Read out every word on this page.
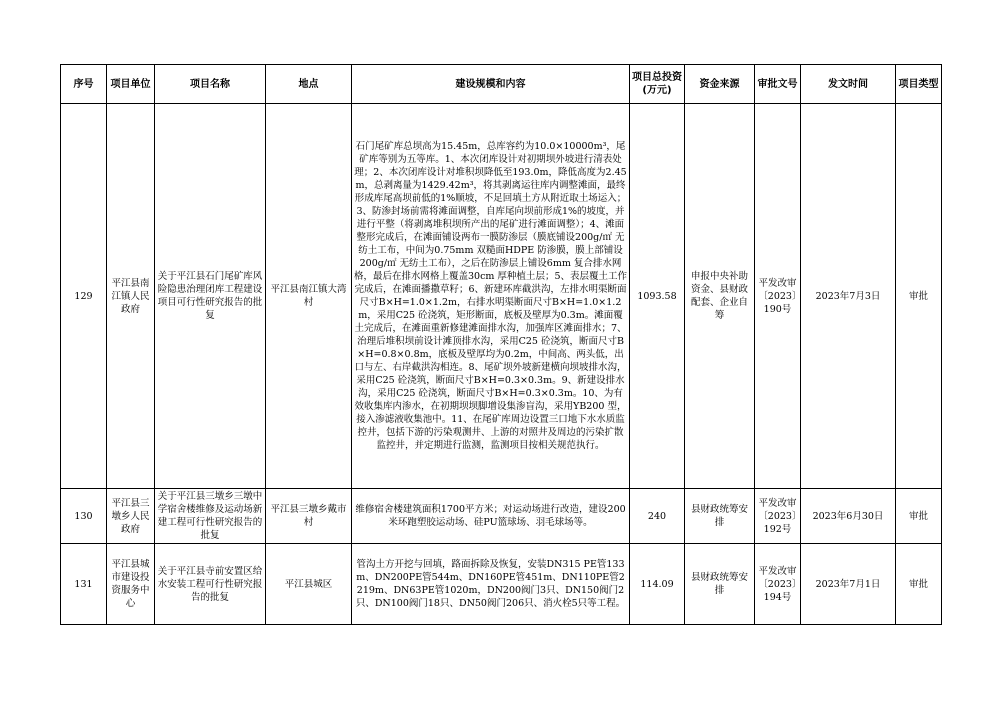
序号	项目单位	项目名称	地点	建设规模和内容	项目总投资(万元)	资金来源	审批文号	发文时间	项目类型
129	平江县南江镇人民政府	关于平江县石门尾矿库风险隐患治理闭库工程建设项目可行性研究报告的批复	平江县南江镇大湾村	石门尾矿库总坝高为15.45m，总库容约为10.0×10000m³，尾矿库等别为五等库。1、本次闭库设计对初期坝外坡进行清表处理；2、本次闭库设计对堆积坝降低至193.0m，降低高度为2.45m，总剥离量为1429.42m³，将其剥离运往库内调整滩面，最终形成库尾高坝前低的1%顺坡，不足回填土方从附近取土场运入；3、防渗封场前需将滩面调整，自库尾向坝前形成1%的坡度，并进行平整（将剥离堆积坝所产出的尾矿进行滩面调整）；4、滩面整形完成后，在滩面铺设两布一膜防渗层（膜底铺设200g/㎡ 无纺土工布，中间为0.75mm 双糙面HDPE 防渗膜，膜上部铺设 200g/㎡ 无纺土工布），之后在防渗层上铺设6mm 复合排水网格，最后在排水网格上覆盖30cm 厚种植土层；5、表层覆土工作完成后，在滩面播撒草籽；6、新建环库截洪沟，左排水明渠断面尺寸B×H=1.0×1.2m，右排水明渠断面尺寸B×H=1.0×1.2m，采用C25 砼浇筑，矩形断面，底板及壁厚为0.3m。滩面覆土完成后，在滩面重新修建滩面排水沟，加强库区滩面排水；7、治理后堆积坝前设计滩顶排水沟，采用C25 砼浇筑，断面尺寸B×H=0.8×0.8m，底板及壁厚均为0.2m，中间高、两头低，出口与左、右岸截洪沟相连。8、尾矿坝外坡新建横向坝坡排水沟，采用C25 砼浇筑，断面尺寸B×H=0.3×0.3m。9、新建设排水沟，采用C25 砼浇筑，断面尺寸B×H=0.3×0.3m。10、为有效收集库内渗水，在初期坝坝脚增设集渗盲沟，采用YB200 型，接入渗滤液收集池中。11、在尾矿库周边设置三口地下水水质监控井，包括下游的污染观测井、上游的对照井及周边的污染扩散监控井，并定期进行监测，监测项目按相关规范执行。	1093.58	申报中央补助资金、县财政配套、企业自筹	平发改审〔2023〕190号	2023年7月3日	审批
130	平江县三墩乡人民政府	关于平江县三墩乡三墩中学宿舍楼维修及运动场新建工程可行性研究报告的批复	平江县三墩乡戴市村	维修宿舍楼建筑面积1700平方米；对运动场进行改造，建设200米环跑塑胶运动场、硅PU篮球场、羽毛球场等。	240	县财政统筹安排	平发改审〔2023〕192号	2023年6月30日	审批
131	平江县城市建设投资服务中心	关于平江县寺前安置区给水安装工程可行性研究报告的批复	平江县城区	管沟土方开挖与回填，路面拆除及恢复，安装DN315 PE管133m、DN200PE管544m、DN160PE管451m、DN110PE管2219m、DN63PE管1020m，DN200阀门3只、DN150阀门2只、DN100阀门18只、DN50阀门206只、消火栓5只等工程。	114.09	县财政统筹安排	平发改审〔2023〕194号	2023年7月1日	审批
